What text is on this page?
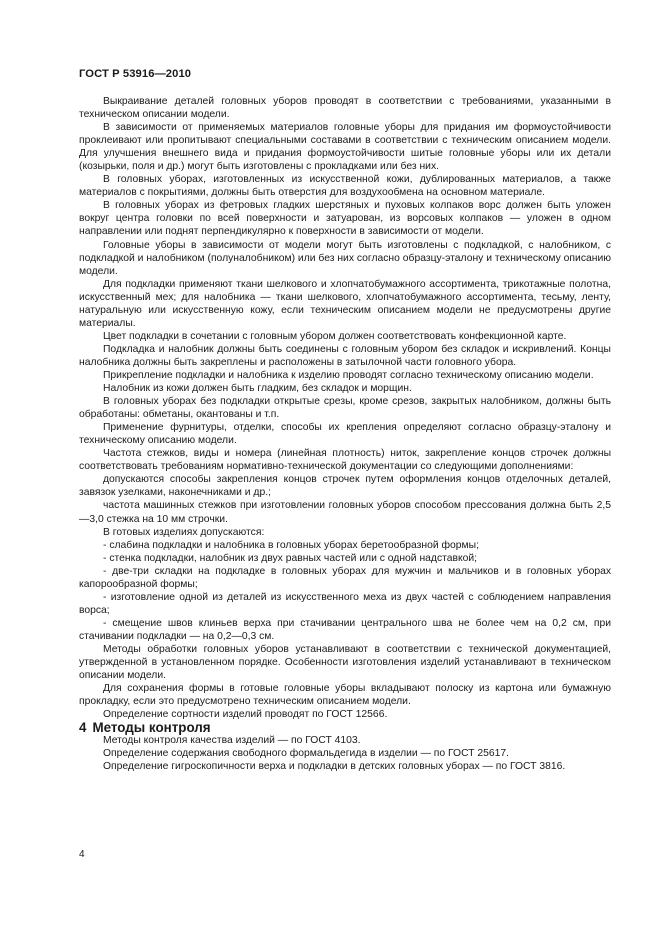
ГОСТ Р 53916—2010

Выкраивание деталей головных уборов проводят в соответствии с требованиями, указанными в техническом описании модели.

В зависимости от применяемых материалов головные уборы для придания им формоустойчивости проклеивают или пропитывают специальными составами в соответствии с техническим описанием модели. Для улучшения внешнего вида и придания формоустойчивости шитые головные уборы или их детали (козырьки, поля и др.) могут быть изготовлены с прокладками или без них.

В головных уборах, изготовленных из искусственной кожи, дублированных материалов, а также материалов с покрытиями, должны быть отверстия для воздухообмена на основном материале.

В головных уборах из фетровых гладких шерстяных и пуховых колпаков ворс должен быть уложен вокруг центра головки по всей поверхности и затуарован, из ворсовых колпаков — уложен в одном направлении или поднят перпендикулярно к поверхности в зависимости от модели.

Головные уборы в зависимости от модели могут быть изготовлены с подкладкой, с налобником, с подкладкой и налобником (полуналобником) или без них согласно образцу-эталону и техническому описанию модели.

Для подкладки применяют ткани шелкового и хлопчатобумажного ассортимента, трикотажные полотна, искусственный мех; для налобника — ткани шелкового, хлопчатобумажного ассортимента, тесьму, ленту, натуральную или искусственную кожу, если техническим описанием модели не предусмотрены другие материалы.

Цвет подкладки в сочетании с головным убором должен соответствовать конфекционной карте.

Подкладка и налобник должны быть соединены с головным убором без складок и искривлений. Концы налобника должны быть закреплены и расположены в затылочной части головного убора.

Прикрепление подкладки и налобника к изделию проводят согласно техническому описанию модели.

Налобник из кожи должен быть гладким, без складок и морщин.

В головных уборах без подкладки открытые срезы, кроме срезов, закрытых налобником, должны быть обработаны: обметаны, окантованы и т.п.

Применение фурнитуры, отделки, способы их крепления определяют согласно образцу-эталону и техническому описанию модели.

Частота стежков, виды и номера (линейная плотность) ниток, закрепление концов строчек должны соответствовать требованиям нормативно-технической документации со следующими дополнениями:

допускаются способы закрепления концов строчек путем оформления концов отделочных деталей, завязок узелками, наконечниками и др.;

частота машинных стежков при изготовлении головных уборов способом прессования должна быть 2,5—3,0 стежка на 10 мм строчки.

В готовых изделиях допускаются:

- слабина подкладки и налобника в головных уборах беретообразной формы;

- стенка подкладки, налобник из двух равных частей или с одной надставкой;

- две-три складки на подкладке в головных уборах для мужчин и мальчиков и в головных уборах капорообразной формы;

- изготовление одной из деталей из искусственного меха из двух частей с соблюдением направления ворса;

- смещение швов клиньев верха при стачивании центрального шва не более чем на 0,2 см, при стачивании подкладки — на 0,2—0,3 см.

Методы обработки головных уборов устанавливают в соответствии с технической документацией, утвержденной в установленном порядке. Особенности изготовления изделий устанавливают в техническом описании модели.

Для сохранения формы в готовые головные уборы вкладывают полоску из картона или бумажную прокладку, если это предусмотрено техническим описанием модели.

Определение сортности изделий проводят по ГОСТ 12566.

4 Методы контроля

Методы контроля качества изделий — по ГОСТ 4103.

Определение содержания свободного формальдегида в изделии — по ГОСТ 25617.

Определение гигроскопичности верха и подкладки в детских головных уборах — по ГОСТ 3816.

4
